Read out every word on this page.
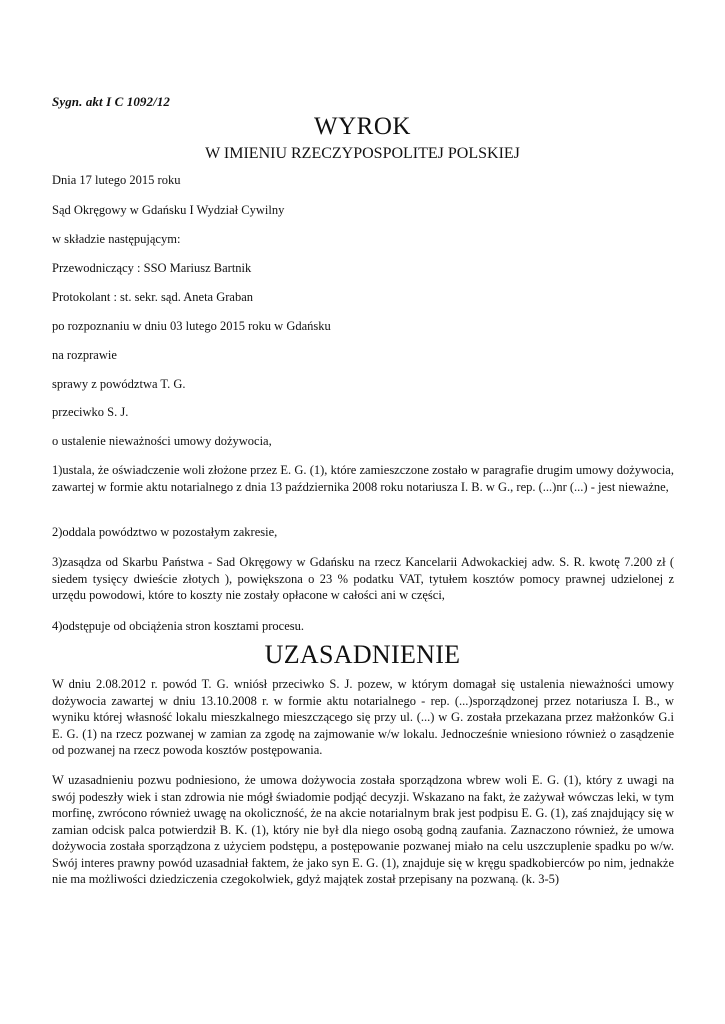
Sygn. akt I C 1092/12
WYROK
W IMIENIU RZECZYPOSPOLITEJ POLSKIEJ
Dnia 17 lutego 2015 roku
Sąd Okręgowy w Gdańsku I Wydział Cywilny
w składzie następującym:
Przewodniczący : SSO Mariusz Bartnik
Protokolant : st. sekr. sąd. Aneta Graban
po rozpoznaniu w dniu 03 lutego 2015 roku w Gdańsku
na rozprawie
sprawy z powództwa T. G.
przeciwko S. J.
o ustalenie nieważności umowy dożywocia,
1)ustala, że oświadczenie woli złożone przez E. G. (1), które zamieszczone zostało w paragrafie drugim umowy dożywocia, zawartej w formie aktu notarialnego z dnia 13 października 2008 roku notariusza I. B. w G., rep. (...)nr (...) - jest nieważne,
2)oddala powództwo w pozostałym zakresie,
3)zasądza od Skarbu Państwa - Sad Okręgowy w Gdańsku na rzecz Kancelarii Adwokackiej adw. S. R. kwotę 7.200 zł ( siedem tysięcy dwieście złotych ), powiększona o 23 % podatku VAT, tytułem kosztów pomocy prawnej udzielonej z urzędu powodowi, które to koszty nie zostały opłacone w całości ani w części,
4)odstępuje od obciążenia stron kosztami procesu.
UZASADNIENIE
W dniu 2.08.2012 r. powód T. G. wniósł przeciwko S. J. pozew, w którym domagał się ustalenia nieważności umowy dożywocia zawartej w dniu 13.10.2008 r. w formie aktu notarialnego - rep. (...)sporządzonej przez notariusza I. B., w wyniku której własność lokalu mieszkalnego mieszczącego się przy ul. (...) w G. została przekazana przez małżonków G.i E. G. (1) na rzecz pozwanej w zamian za zgodę na zajmowanie w/w lokalu. Jednocześnie wniesiono również o zasądzenie od pozwanej na rzecz powoda kosztów postępowania.
W uzasadnieniu pozwu podniesiono, że umowa dożywocia została sporządzona wbrew woli E. G. (1), który z uwagi na swój podeszły wiek i stan zdrowia nie mógł świadomie podjąć decyzji. Wskazano na fakt, że zażywał wówczas leki, w tym morfinę, zwrócono również uwagę na okoliczność, że na akcie notarialnym brak jest podpisu E. G. (1), zaś znajdujący się w zamian odcisk palca potwierdził B. K. (1), który nie był dla niego osobą godną zaufania. Zaznaczono również, że umowa dożywocia została sporządzona z użyciem podstępu, a postępowanie pozwanej miało na celu uszczuplenie spadku po w/w. Swój interes prawny powód uzasadniał faktem, że jako syn E. G. (1), znajduje się w kręgu spadkobierców po nim, jednakże nie ma możliwości dziedziczenia czegokolwiek, gdyż majątek został przepisany na pozwaną. (k. 3-5)
